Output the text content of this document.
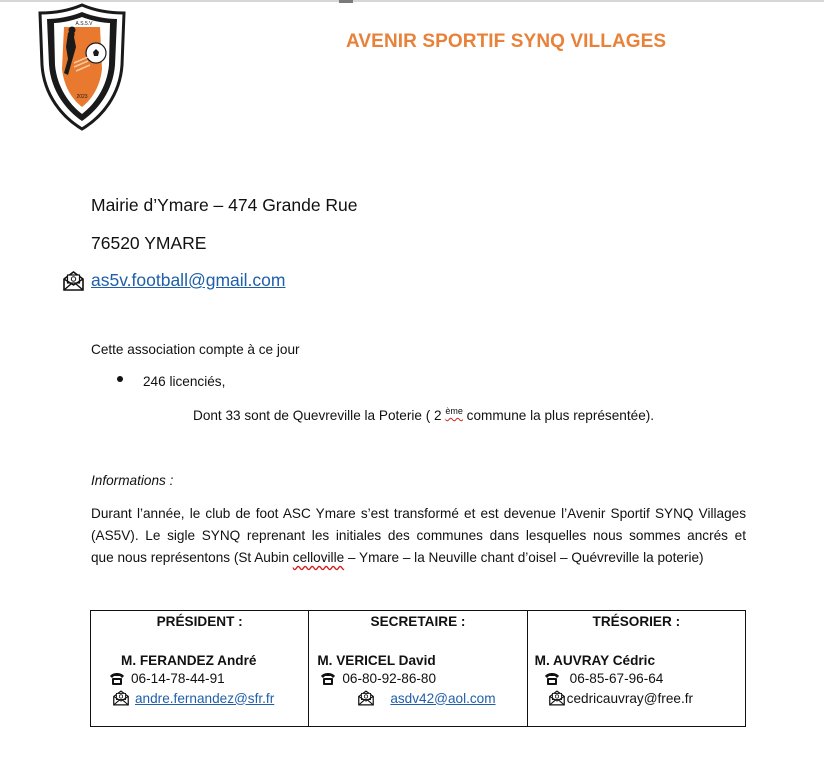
A.S.5.V
2023
AVENIR SPORTIF SYNQ VILLAGES
Mairie d’Ymare – 474 Grande Rue
76520 YMARE
as5v.football@gmail.com
Cette association compte à ce jour
246 licenciés,
Dont 33 sont de Quevreville la Poterie ( 2 $^{ème}$ commune la plus représentée).
Informations :
Durant l’année, le club de foot ASC Ymare s’est transformé et est devenue l’Avenir Sportif SYNQ Villages
(AS5V). Le sigle SYNQ reprenant les initiales des communes dans lesquelles nous sommes ancrés et
que nous représentons (St Aubin celloville – Ymare – la Neuville chant d’oisel – Quévreville la poterie)
PRÉSIDENT :
M. FERANDEZ André
06-14-78-44-91
andre.fernandez@sfr.fr

SECRETAIRE :
M. VERICEL David
06-80-92-86-80
asdv42@aol.com

TRÉSORIER :
M. AUVRAY Cédric
06-85-67-96-64
cedricauvray@free.fr
